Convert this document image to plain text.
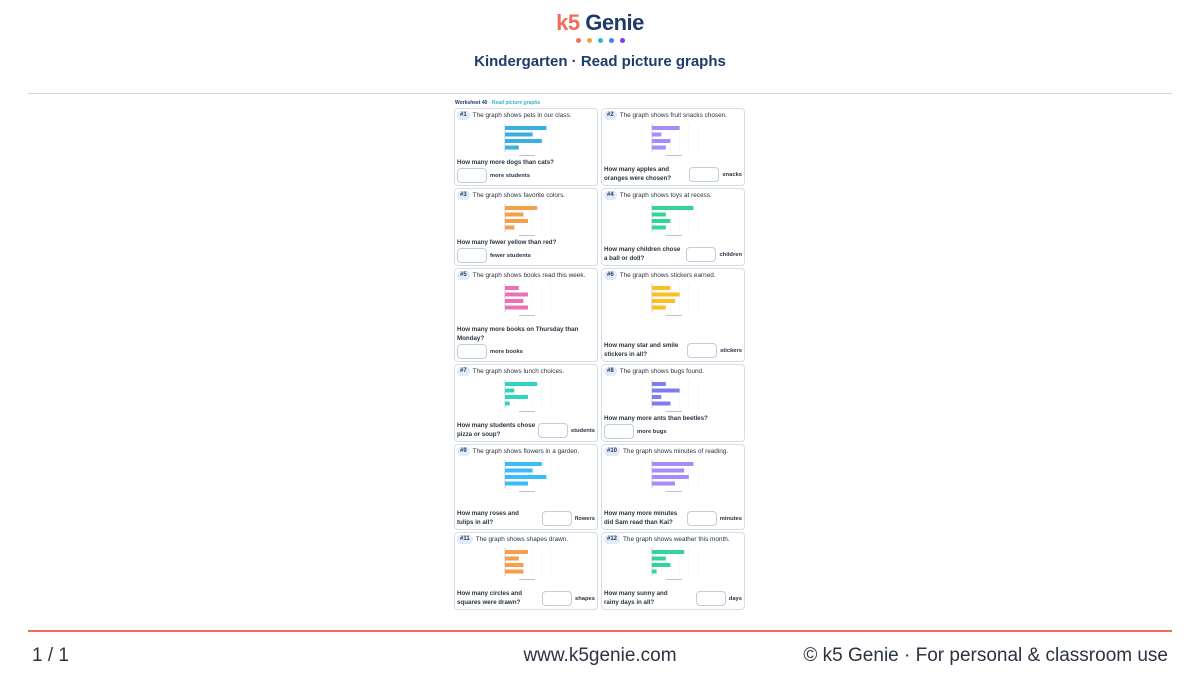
k5 Genie
Kindergarten · Read picture graphs
Worksheet 40 · Read picture graphs
#1 The graph shows pets in our class.
How many more dogs than cats?
more students
#2 The graph shows fruit snacks chosen.
How many apples and oranges were chosen?	snacks
#3 The graph shows favorite colors.
How many fewer yellow than red?
fewer students
#4 The graph shows toys at recess.
How many children chose a ball or doll?	children
#5 The graph shows books read this week.
How many more books on Thursday than Monday?
more books
#6 The graph shows stickers earned.
How many star and smile stickers in all?	stickers
#7 The graph shows lunch choices.
How many students chose pizza or soup?	students
#8 The graph shows bugs found.
How many more ants than beetles?
more bugs
#9 The graph shows flowers in a garden.
How many roses and tulips in all?	flowers
#10 The graph shows minutes of reading.
How many more minutes did Sam read than Kai?	minutes
#11 The graph shows shapes drawn.
How many circles and squares were drawn?	shapes
#12 The graph shows weather this month.
How many sunny and rainy days in all?	days
1 / 1	www.k5genie.com	© k5 Genie · For personal & classroom use
